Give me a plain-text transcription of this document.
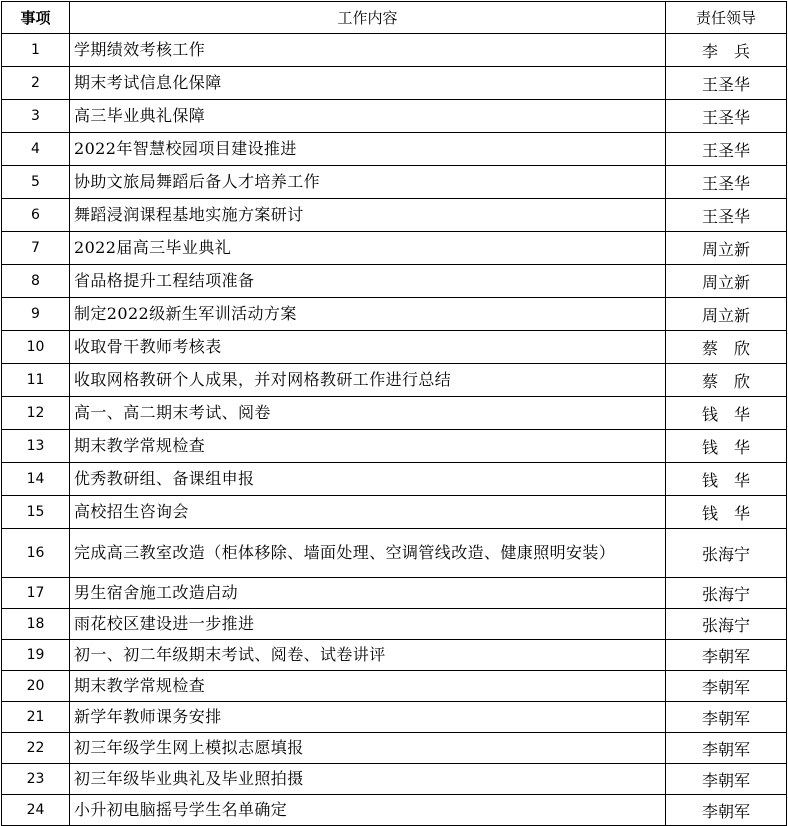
事项	工作内容	责任领导
1	学期绩效考核工作	李　兵
2	期末考试信息化保障	王圣华
3	高三毕业典礼保障	王圣华
4	2022年智慧校园项目建设推进	王圣华
5	协助文旅局舞蹈后备人才培养工作	王圣华
6	舞蹈浸润课程基地实施方案研讨	王圣华
7	2022届高三毕业典礼	周立新
8	省品格提升工程结项准备	周立新
9	制定2022级新生军训活动方案	周立新
10	收取骨干教师考核表	蔡　欣
11	收取网格教研个人成果，并对网格教研工作进行总结	蔡　欣
12	高一、高二期末考试、阅卷	钱　华
13	期末教学常规检查	钱　华
14	优秀教研组、备课组申报	钱　华
15	高校招生咨询会	钱　华
16	完成高三教室改造（柜体移除、墙面处理、空调管线改造、健康照明安装）	张海宁
17	男生宿舍施工改造启动	张海宁
18	雨花校区建设进一步推进	张海宁
19	初一、初二年级期末考试、阅卷、试卷讲评	李朝军
20	期末教学常规检查	李朝军
21	新学年教师课务安排	李朝军
22	初三年级学生网上模拟志愿填报	李朝军
23	初三年级毕业典礼及毕业照拍摄	李朝军
24	小升初电脑摇号学生名单确定	李朝军
